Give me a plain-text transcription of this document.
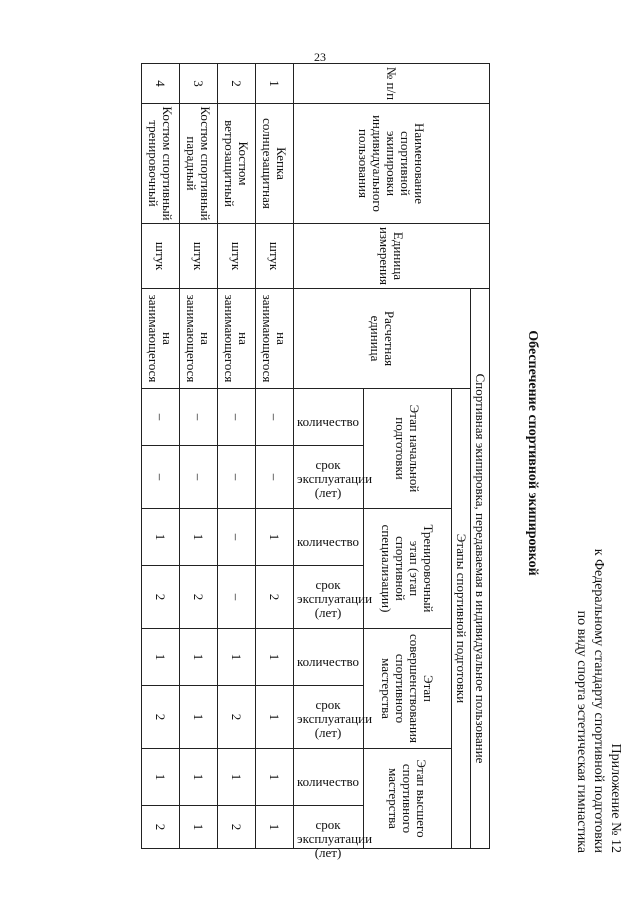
23
Приложение № 12
к Федеральному стандарту спортивной подготовки
по виду спорта эстетическая гимнастика
Обеспечение спортивной экипировкой
№ п/п	Наименование спортивной экипировки индивидуального пользования	Единица измерения	Спортивная экипировка, передаваемая в индивидуальное пользование								
			Расчетная единица	Этапы спортивной подготовки							
				Этап начальной подготовки		Тренировочный этап (этап спортивной специализации)		Этап совершенствования спортивного мастерства		Этап высшего спортивного мастерства	
				количество	срок эксплуатации (лет)	количество	срок эксплуатации (лет)	количество	срок эксплуатации (лет)	количество	срок эксплуатации (лет)
1	Кепка солнцезащитная	штук	на занимающегося	–	–	1	2	1	1	1	1
2	Костюм ветрозащитный	штук	на занимающегося	–	–	–	–	1	2	1	2
3	Костюм спортивный парадный	штук	на занимающегося	–	–	1	2	1	1	1	1
4	Костюм спортивный тренировочный	штук	на занимающегося	–	–	1	2	1	2	1	2
